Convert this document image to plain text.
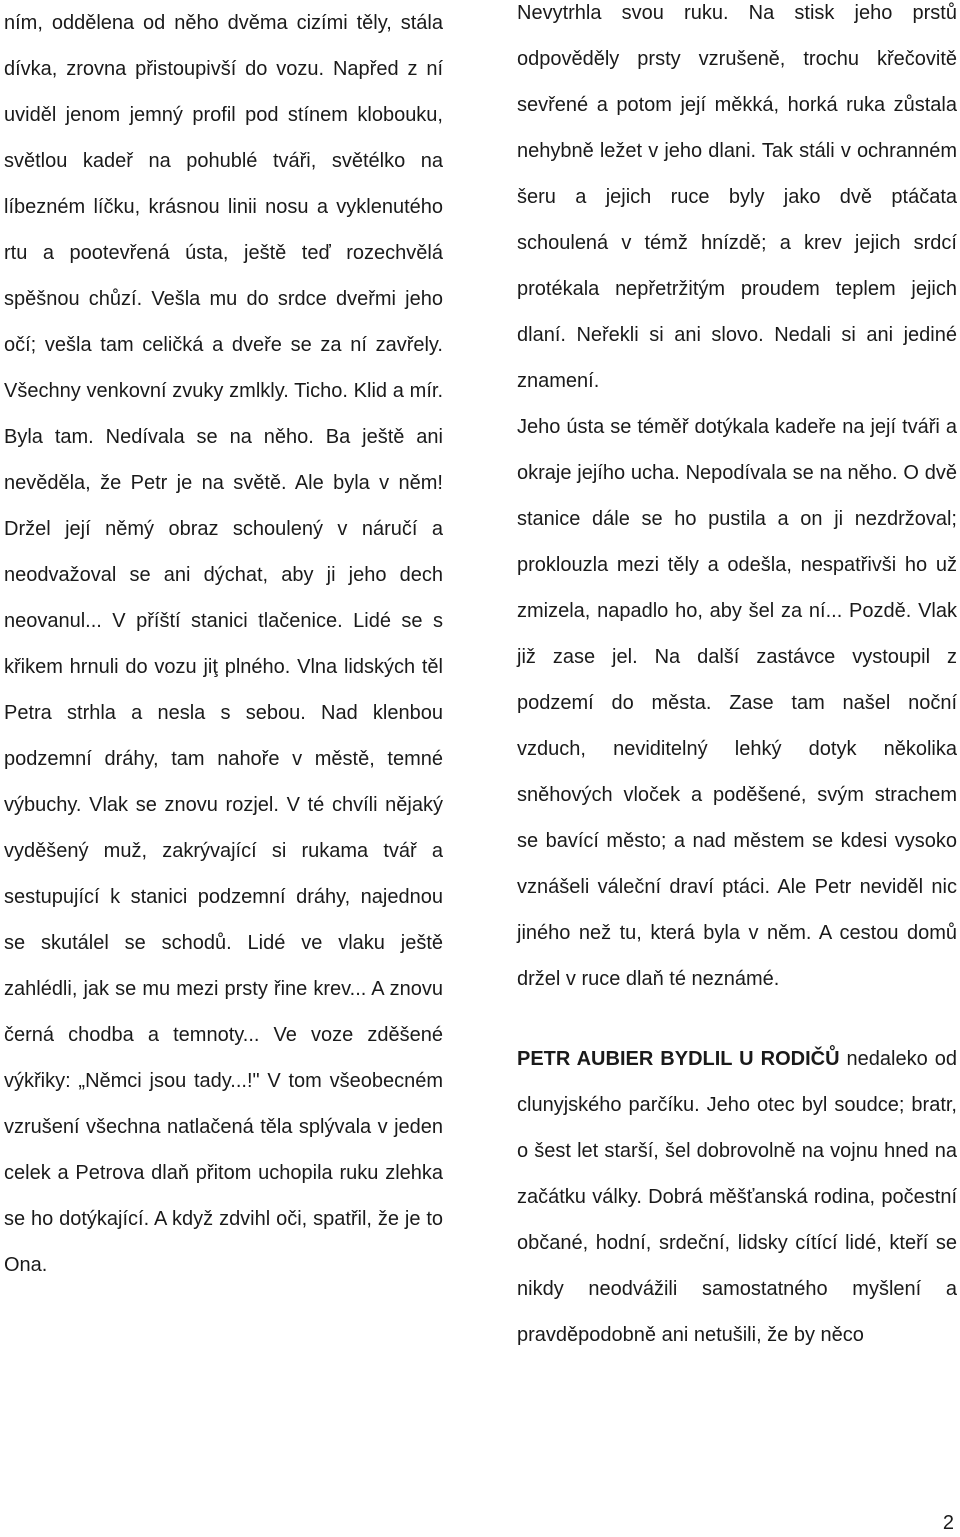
ním, oddělena od něho dvěma cizími těly, stála dívka, zrovna přistoupivší do vozu. Napřed z ní uviděl jenom jemný profil pod stínem klobouku, světlou kadeř na pohublé tváři, světélko na líbezném líčku, krásnou linii nosu a vyklenutého rtu a pootevřená ústa, ještě teď rozechvělá spěšnou chůzí. Vešla mu do srdce dveřmi jeho očí; vešla tam celičká a dveře se za ní zavřely. Všechny venkovní zvuky zmlkly. Ticho. Klid a mír. Byla tam. Nedívala se na něho. Ba ještě ani nevěděla, že Petr je na světě. Ale byla v něm! Držel její němý obraz schoulený v náručí a neodvažoval se ani dýchat, aby ji jeho dech neovanul... V příští stanici tlačenice. Lidé se s křikem hrnuli do vozu jiţ plného. Vlna lidských těl Petra strhla a nesla s sebou. Nad klenbou podzemní dráhy, tam nahoře v městě, temné výbuchy. Vlak se znovu rozjel. V té chvíli nějaký vyděšený muž, zakrývající si rukama tvář a sestupující k stanici podzemní dráhy, najednou se skutálel se schodů. Lidé ve vlaku ještě zahlédli, jak se mu mezi prsty řine krev... A znovu černá chodba a temnoty... Ve voze zděšené výkřiky: „Němci jsou tady...!" V tom všeobecném vzrušení všechna natlačená těla splývala v jeden celek a Petrova dlaň přitom uchopila ruku zlehka se ho dotýkající. A když zdvihl oči, spatřil, že je to Ona.

Nevytrhla svou ruku. Na stisk jeho prstů odpověděly prsty vzrušeně, trochu křečovitě sevřené a potom její měkká, horká ruka zůstala nehybně ležet v jeho dlani. Tak stáli v ochranném šeru a jejich ruce byly jako dvě ptáčata schoulená v témž hnízdě; a krev jejich srdcí protékala nepřetržitým proudem teplem jejich dlaní. Neřekli si ani slovo. Nedali si ani jediné znamení.

Jeho ústa se téměř dotýkala kadeře na její tváři a okraje jejího ucha. Nepodívala se na něho. O dvě stanice dále se ho pustila a on ji nezdržoval; proklouzla mezi těly a odešla, nespatřivši ho už zmizela, napadlo ho, aby šel za ní... Pozdě. Vlak již zase jel. Na další zastávce vystoupil z podzemí do města. Zase tam našel noční vzduch, neviditelný lehký dotyk několika sněhových vloček a poděšené, svým strachem se bavící město; a nad městem se kdesi vysoko vznášeli váleční draví ptáci. Ale Petr neviděl nic jiného než tu, která byla v něm. A cestou domů držel v ruce dlaň té neznámé.

PETR AUBIER BYDLIL U RODIČŮ nedaleko od clunyjského parčíku. Jeho otec byl soudce; bratr, o šest let starší, šel dobrovolně na vojnu hned na začátku války. Dobrá měšťanská rodina, počestní občané, hodní, srdeční, lidsky cítící lidé, kteří se nikdy neodvážili samostatného myšlení a pravděpodobně ani netušili, že by něco

2
